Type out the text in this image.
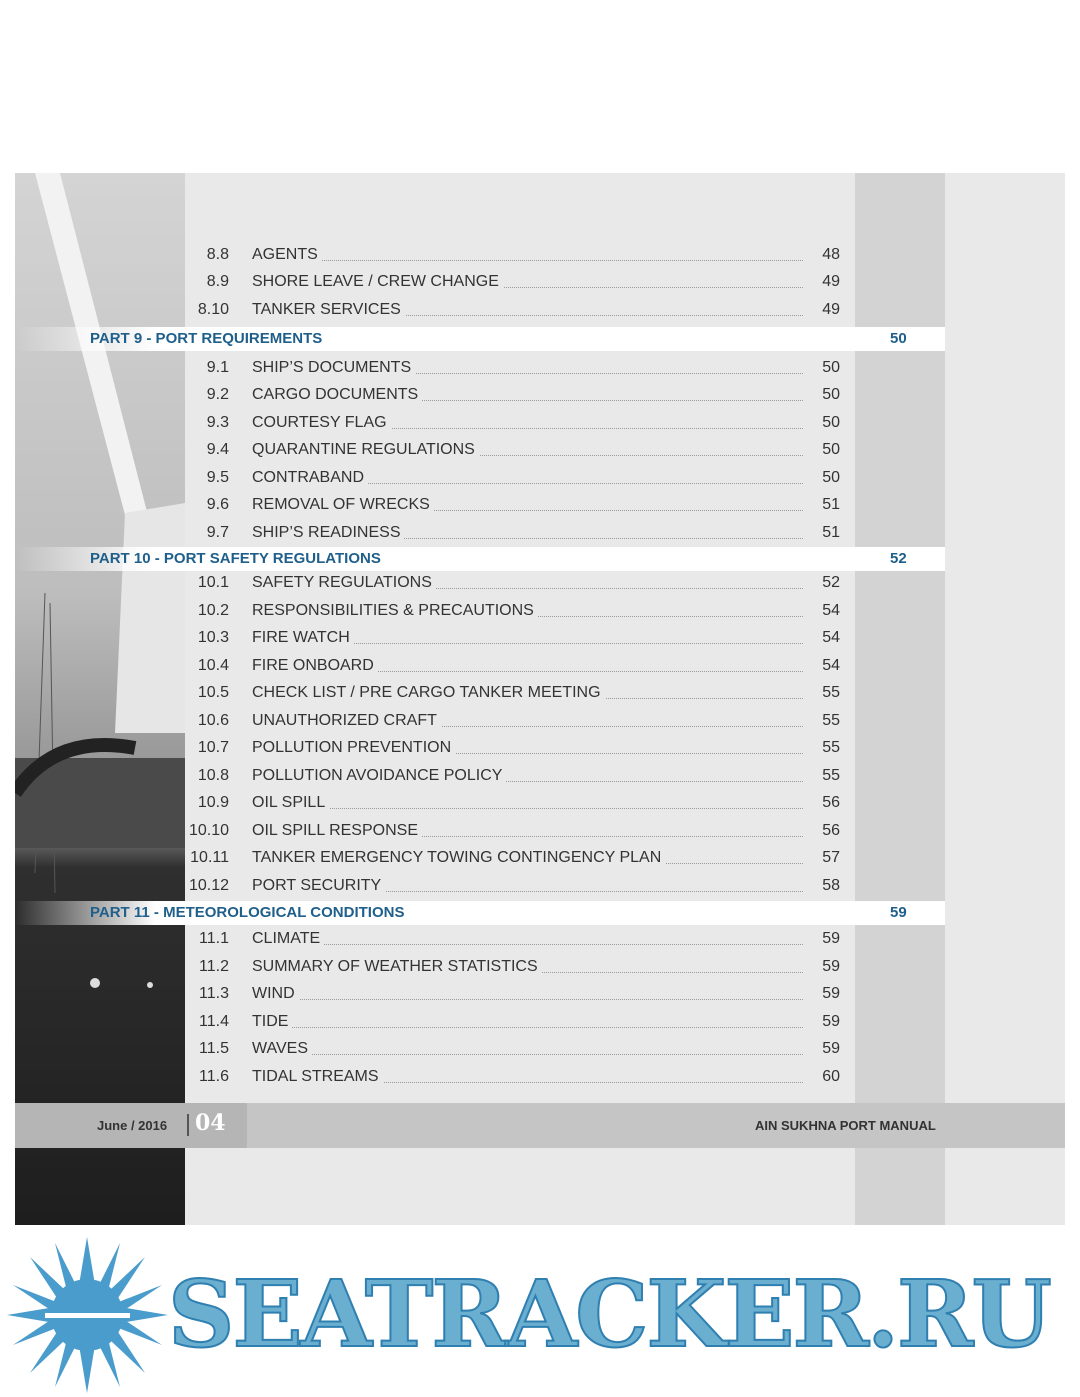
8.8 AGENTS	48
8.9 SHORE LEAVE / CREW CHANGE	49
8.10 TANKER SERVICES	49
PART 9 - PORT REQUIREMENTS	50
9.1 SHIP’S DOCUMENTS	50
9.2 CARGO DOCUMENTS	50
9.3 COURTESY FLAG	50
9.4 QUARANTINE REGULATIONS	50
9.5 CONTRABAND	50
9.6 REMOVAL OF WRECKS	51
9.7 SHIP’S READINESS	51
PART 10 - PORT SAFETY REGULATIONS	52
10.1 SAFETY REGULATIONS	52
10.2 RESPONSIBILITIES & PRECAUTIONS	54
10.3 FIRE WATCH	54
10.4 FIRE ONBOARD	54
10.5 CHECK LIST / PRE CARGO TANKER MEETING	55
10.6 UNAUTHORIZED CRAFT	55
10.7 POLLUTION PREVENTION	55
10.8 POLLUTION AVOIDANCE POLICY	55
10.9 OIL SPILL	56
10.10 OIL SPILL RESPONSE	56
10.11 TANKER EMERGENCY TOWING CONTINGENCY PLAN	57
10.12 PORT SECURITY	58
PART 11 - METEOROLOGICAL CONDITIONS	59
11.1 CLIMATE	59
11.2 SUMMARY OF WEATHER STATISTICS	59
11.3 WIND	59
11.4 TIDE	59
11.5 WAVES	59
11.6 TIDAL STREAMS	60
June / 2016 04	AIN SUKHNA PORT MANUAL
SEATRACKER.RU
